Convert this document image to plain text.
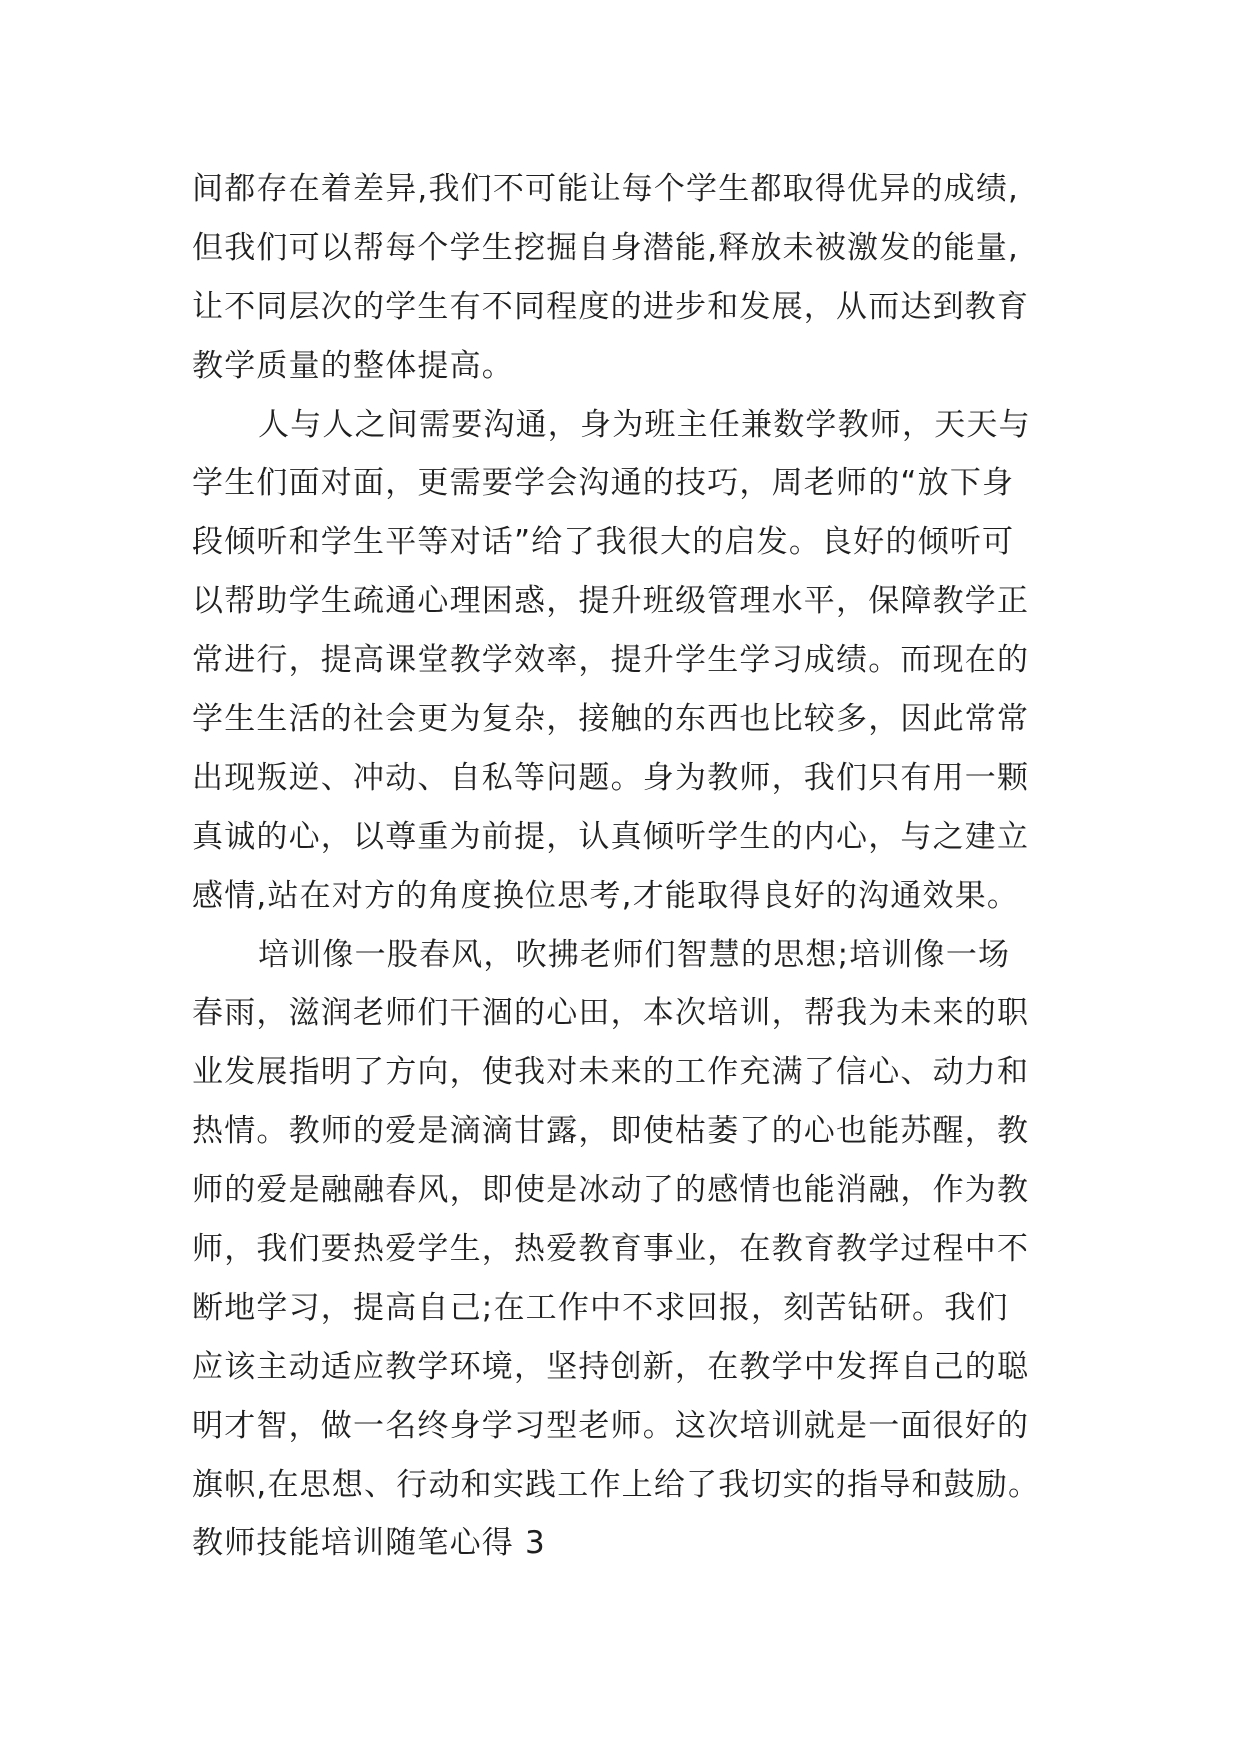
间都存在着差异,我们不可能让每个学生都取得优异的成绩,
但我们可以帮每个学生挖掘自身潜能,释放未被激发的能量,
让不同层次的学生有不同程度的进步和发展，从而达到教育
教学质量的整体提高。
人与人之间需要沟通，身为班主任兼数学教师，天天与
学生们面对面，更需要学会沟通的技巧，周老师的“放下身
段倾听和学生平等对话”给了我很大的启发。良好的倾听可
以帮助学生疏通心理困惑，提升班级管理水平，保障教学正
常进行，提高课堂教学效率，提升学生学习成绩。而现在的
学生生活的社会更为复杂，接触的东西也比较多，因此常常
出现叛逆、冲动、自私等问题。身为教师，我们只有用一颗
真诚的心，以尊重为前提，认真倾听学生的内心，与之建立
感情,站在对方的角度换位思考,才能取得良好的沟通效果。
培训像一股春风，吹拂老师们智慧的思想;培训像一场
春雨，滋润老师们干涸的心田，本次培训，帮我为未来的职
业发展指明了方向，使我对未来的工作充满了信心、动力和
热情。教师的爱是滴滴甘露，即使枯萎了的心也能苏醒，教
师的爱是融融春风，即使是冰动了的感情也能消融，作为教
师，我们要热爱学生，热爱教育事业，在教育教学过程中不
断地学习，提高自己;在工作中不求回报，刻苦钻研。我们
应该主动适应教学环境，坚持创新，在教学中发挥自己的聪
明才智，做一名终身学习型老师。这次培训就是一面很好的
旗帜,在思想、行动和实践工作上给了我切实的指导和鼓励。
教师技能培训随笔心得 3
